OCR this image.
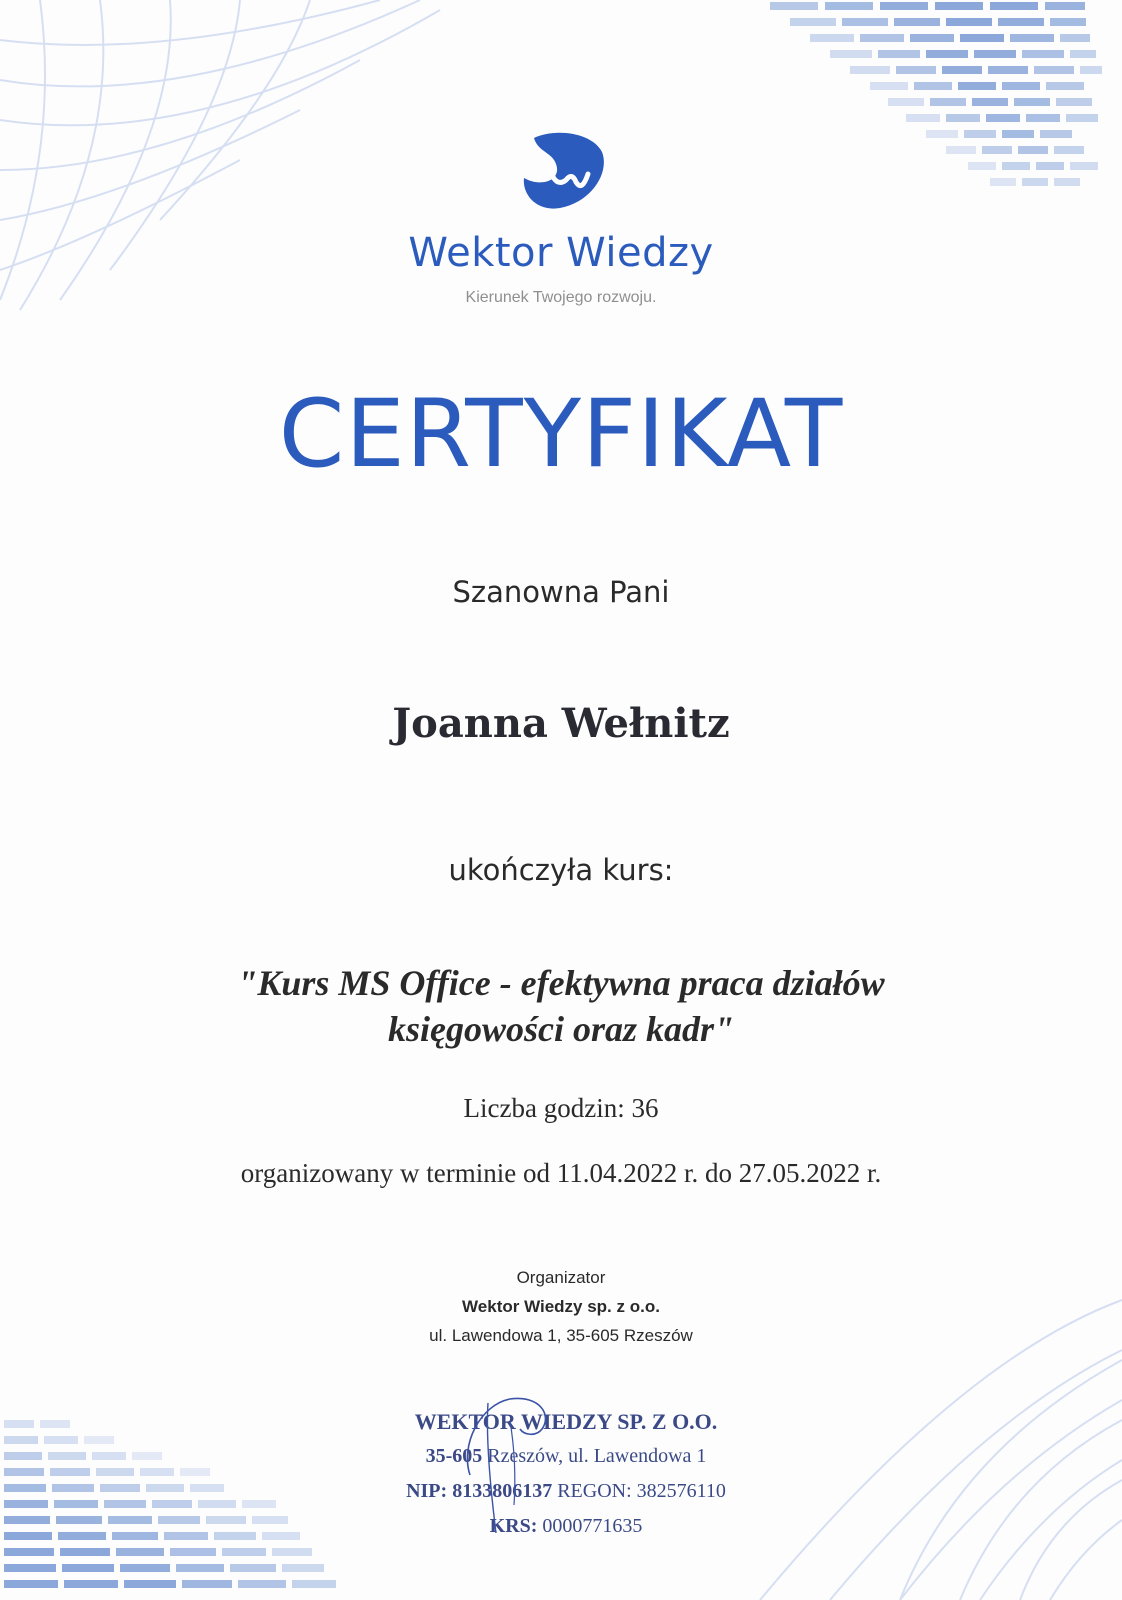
Wektor Wiedzy
Kierunek Twojego rozwoju.
CERTYFIKAT
Szanowna Pani
Joanna Wełnitz
ukończyła kurs:
"Kurs MS Office - efektywna praca działów
księgowości oraz kadr"
Liczba godzin: 36
organizowany w terminie od 11.04.2022 r. do 27.05.2022 r.
Organizator
Wektor Wiedzy sp. z o.o.
ul. Lawendowa 1, 35-605 Rzeszów
WEKTOR WIEDZY SP. Z O.O.
35-605 Rzeszów, ul. Lawendowa 1
NIP: 8133806137 REGON: 382576110
KRS: 0000771635
